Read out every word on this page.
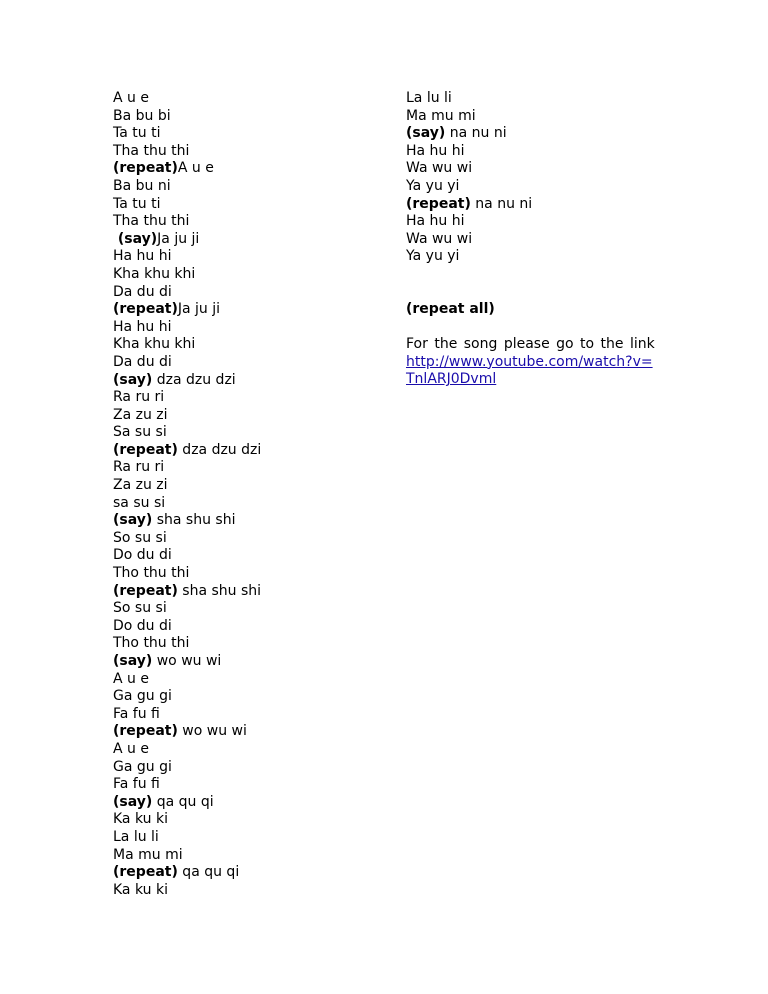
A u e
Ba bu bi
Ta tu ti
Tha thu thi
(repeat)A u e
Ba bu ni
Ta tu ti
Tha thu thi
(say)Ja ju ji
Ha hu hi
Kha khu khi
Da du di
(repeat)Ja ju ji
Ha hu hi
Kha khu khi
Da du di
(say) dza dzu dzi
Ra ru ri
Za zu zi
Sa su si
(repeat) dza dzu dzi
Ra ru ri
Za zu zi
sa su si
(say) sha shu shi
So su si
Do du di
Tho thu thi
(repeat) sha shu shi
So su si
Do du di
Tho thu thi
(say) wo wu wi
A u e
Ga gu gi
Fa fu fi
(repeat) wo wu wi
A u e
Ga gu gi
Fa fu fi
(say) qa qu qi
Ka ku ki
La lu li
Ma mu mi
(repeat) qa qu qi
Ka ku ki
La lu li
Ma mu mi
(say) na nu ni
Ha hu hi
Wa wu wi
Ya yu yi
(repeat) na nu ni
Ha hu hi
Wa wu wi
Ya yu yi
(repeat all)
For the song please go to the link
http://www.youtube.com/watch?v=TnlARJ0Dvml
